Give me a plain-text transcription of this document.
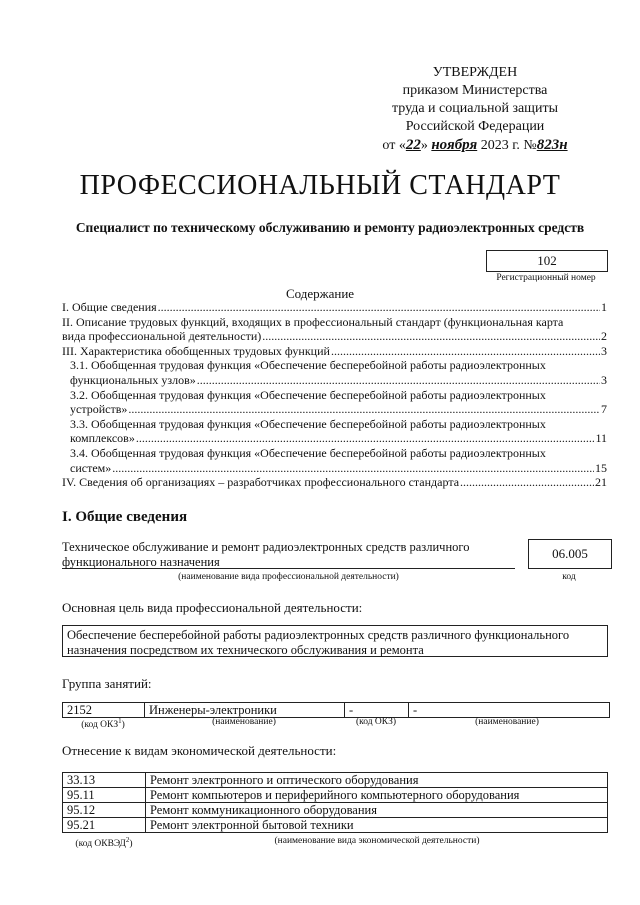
УТВЕРЖДЕН
приказом Министерства
труда и социальной защиты
Российской Федерации
от «22» ноября 2023 г. №823н
ПРОФЕССИОНАЛЬНЫЙ СТАНДАРТ
Специалист по техническому обслуживанию и ремонту радиоэлектронных средств
102
Регистрационный номер
Содержание
I. Общие сведения .....	1
II. Описание трудовых функций, входящих в профессиональный стандарт (функциональная карта
вида профессиональной деятельности) .....	2
III. Характеристика обобщенных трудовых функций .....	3
3.1. Обобщенная трудовая функция «Обеспечение бесперебойной работы радиоэлектронных
функциональных узлов» .....	3
3.2. Обобщенная трудовая функция «Обеспечение бесперебойной работы радиоэлектронных
устройств» .....	7
3.3. Обобщенная трудовая функция «Обеспечение бесперебойной работы радиоэлектронных
комплексов» .....	11
3.4. Обобщенная трудовая функция «Обеспечение бесперебойной работы радиоэлектронных
систем» .....	15
IV. Сведения об организациях – разработчиках профессионального стандарта .....	21
I. Общие сведения
Техническое обслуживание и ремонт радиоэлектронных средств различного функционального назначения
06.005
(наименование вида профессиональной деятельности)	код
Основная цель вида профессиональной деятельности:
Обеспечение бесперебойной работы радиоэлектронных средств различного функционального назначения посредством их технического обслуживания и ремонта
Группа занятий:
2152	Инженеры-электроники	-	-
(код ОКЗ$^1$)	(наименование)	(код ОКЗ)	(наименование)
Отнесение к видам экономической деятельности:
33.13	Ремонт электронного и оптического оборудования
95.11	Ремонт компьютеров и периферийного компьютерного оборудования
95.12	Ремонт коммуникационного оборудования
95.21	Ремонт электронной бытовой техники
(код ОКВЭД$^2$)	(наименование вида экономической деятельности)
